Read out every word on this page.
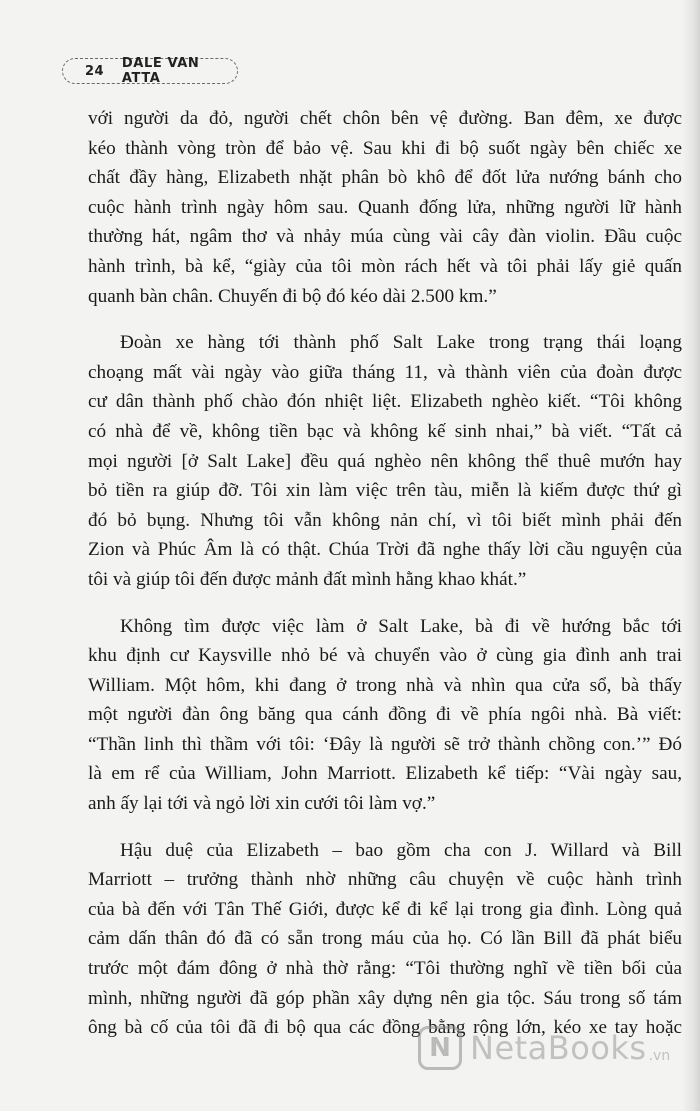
24 DALE VAN ATTA
với người da đỏ, người chết chôn bên vệ đường. Ban đêm, xe được
kéo thành vòng tròn để bảo vệ. Sau khi đi bộ suốt ngày bên chiếc xe
chất đầy hàng, Elizabeth nhặt phân bò khô để đốt lửa nướng bánh cho
cuộc hành trình ngày hôm sau. Quanh đống lửa, những người lữ hành
thường hát, ngâm thơ và nhảy múa cùng vài cây đàn violin. Đầu cuộc
hành trình, bà kể, “giày của tôi mòn rách hết và tôi phải lấy giẻ quấn
quanh bàn chân. Chuyến đi bộ đó kéo dài 2.500 km.”
Đoàn xe hàng tới thành phố Salt Lake trong trạng thái loạng
choạng mất vài ngày vào giữa tháng 11, và thành viên của đoàn được
cư dân thành phố chào đón nhiệt liệt. Elizabeth nghèo kiết. “Tôi không
có nhà để về, không tiền bạc và không kế sinh nhai,” bà viết. “Tất cả
mọi người [ở Salt Lake] đều quá nghèo nên không thể thuê mướn hay
bỏ tiền ra giúp đỡ. Tôi xin làm việc trên tàu, miễn là kiếm được thứ gì
đó bỏ bụng. Nhưng tôi vẫn không nản chí, vì tôi biết mình phải đến
Zion và Phúc Âm là có thật. Chúa Trời đã nghe thấy lời cầu nguyện của
tôi và giúp tôi đến được mảnh đất mình hằng khao khát.”
Không tìm được việc làm ở Salt Lake, bà đi về hướng bắc tới
khu định cư Kaysville nhỏ bé và chuyển vào ở cùng gia đình anh trai
William. Một hôm, khi đang ở trong nhà và nhìn qua cửa sổ, bà thấy
một người đàn ông băng qua cánh đồng đi về phía ngôi nhà. Bà viết:
“Thần linh thì thầm với tôi: ‘Đây là người sẽ trở thành chồng con.’” Đó
là em rể của William, John Marriott. Elizabeth kể tiếp: “Vài ngày sau,
anh ấy lại tới và ngỏ lời xin cưới tôi làm vợ.”
Hậu duệ của Elizabeth – bao gồm cha con J. Willard và Bill
Marriott – trưởng thành nhờ những câu chuyện về cuộc hành trình
của bà đến với Tân Thế Giới, được kể đi kể lại trong gia đình. Lòng quả
cảm dấn thân đó đã có sẵn trong máu của họ. Có lần Bill đã phát biểu
trước một đám đông ở nhà thờ rằng: “Tôi thường nghĩ về tiền bối của
mình, những người đã góp phần xây dựng nên gia tộc. Sáu trong số tám
ông bà cố của tôi đã đi bộ qua các đồng bằng rộng lớn, kéo xe tay hoặc
N NetaBooks .vn
